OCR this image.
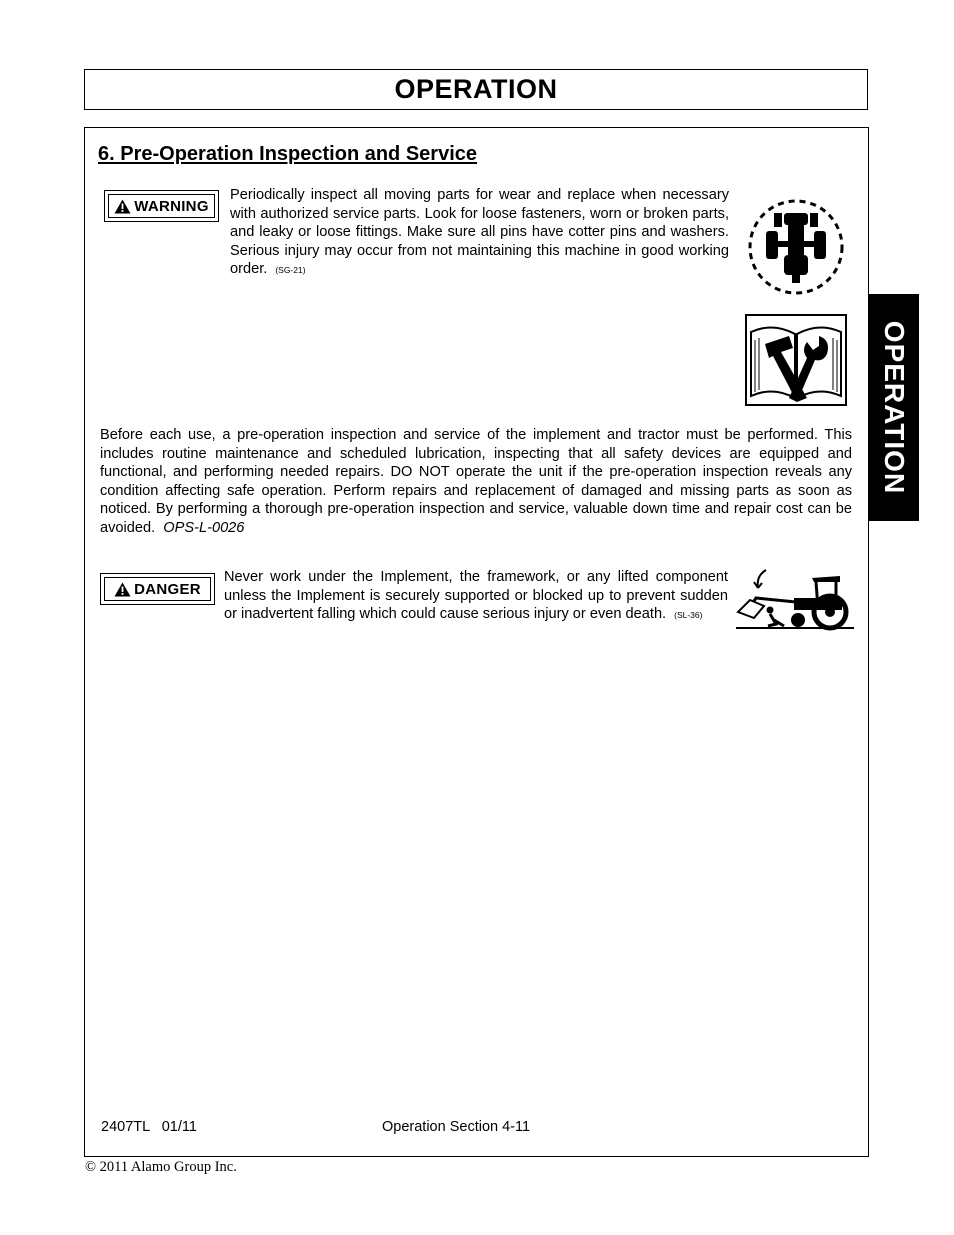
OPERATION
6. Pre-Operation Inspection and Service
WARNING
Periodically inspect all moving parts for wear and replace when necessary with authorized service parts. Look for loose fasteners, worn or broken parts, and leaky or loose fittings. Make sure all pins have cotter pins and washers. Serious injury may occur from not maintaining this machine in good working order. (SG-21)
Before each use, a pre-operation inspection and service of the implement and tractor must be performed. This includes routine maintenance and scheduled lubrication, inspecting that all safety devices are equipped and functional, and performing needed repairs. DO NOT operate the unit if the pre-operation inspection reveals any condition affecting safe operation. Perform repairs and replacement of damaged and missing parts as soon as noticed. By performing a thorough pre-operation inspection and service, valuable down time and repair cost can be avoided. OPS-L-0026
DANGER
Never work under the Implement, the framework, or any lifted component unless the Implement is securely supported or blocked up to prevent sudden or inadvertent falling which could cause serious injury or even death. (SL-36)
OPERATION
2407TL   01/11	Operation Section 4-11
© 2011 Alamo Group Inc.
